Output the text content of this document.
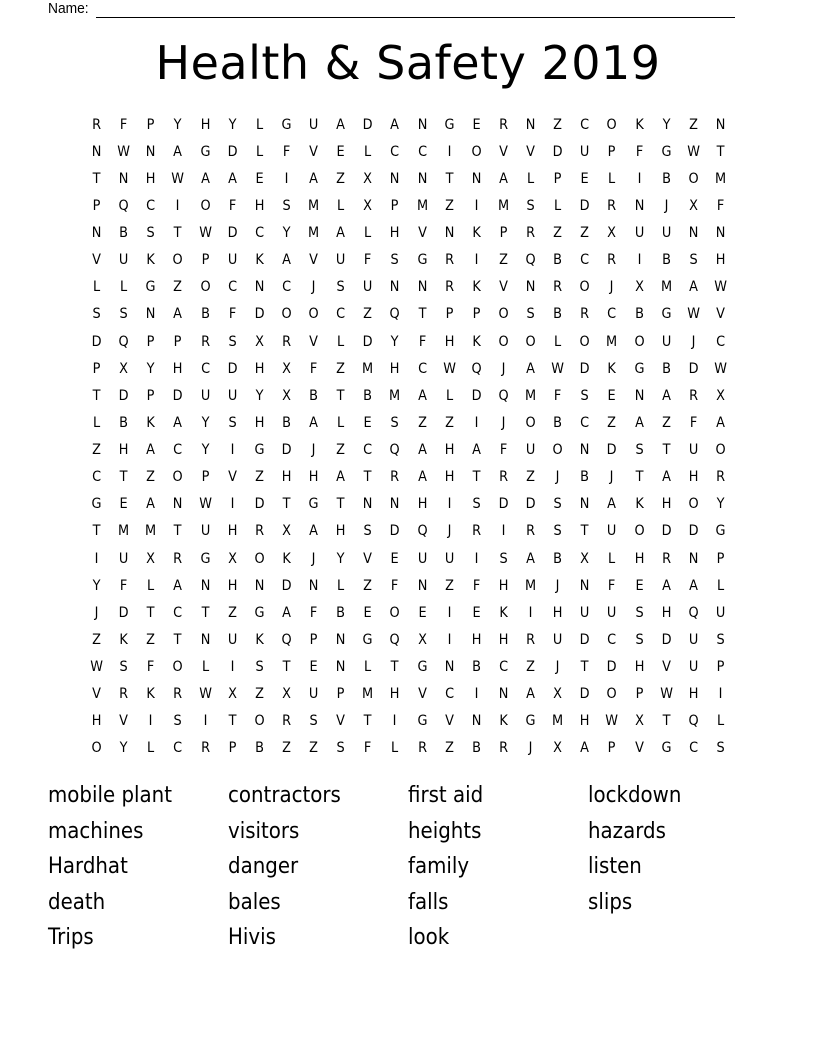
Name:
Health & Safety 2019
R	F	P	Y	H	Y	L	G	U	A	D	A	N	G	E	R	N	Z	C	O	K	Y	Z	N
N	W	N	A	G	D	L	F	V	E	L	C	C	I	O	V	V	D	U	P	F	G	W	T
T	N	H	W	A	A	E	I	A	Z	X	N	N	T	N	A	L	P	E	L	I	B	O	M
P	Q	C	I	O	F	H	S	M	L	X	P	M	Z	I	M	S	L	D	R	N	J	X	F
N	B	S	T	W	D	C	Y	M	A	L	H	V	N	K	P	R	Z	Z	X	U	U	N	N
V	U	K	O	P	U	K	A	V	U	F	S	G	R	I	Z	Q	B	C	R	I	B	S	H
L	L	G	Z	O	C	N	C	J	S	U	N	N	R	K	V	N	R	O	J	X	M	A	W
S	S	N	A	B	F	D	O	O	C	Z	Q	T	P	P	O	S	B	R	C	B	G	W	V
D	Q	P	P	R	S	X	R	V	L	D	Y	F	H	K	O	O	L	O	M	O	U	J	C
P	X	Y	H	C	D	H	X	F	Z	M	H	C	W	Q	J	A	W	D	K	G	B	D	W
T	D	P	D	U	U	Y	X	B	T	B	M	A	L	D	Q	M	F	S	E	N	A	R	X
L	B	K	A	Y	S	H	B	A	L	E	S	Z	Z	I	J	O	B	C	Z	A	Z	F	A
Z	H	A	C	Y	I	G	D	J	Z	C	Q	A	H	A	F	U	O	N	D	S	T	U	O
C	T	Z	O	P	V	Z	H	H	A	T	R	A	H	T	R	Z	J	B	J	T	A	H	R
G	E	A	N	W	I	D	T	G	T	N	N	H	I	S	D	D	S	N	A	K	H	O	Y
T	M	M	T	U	H	R	X	A	H	S	D	Q	J	R	I	R	S	T	U	O	D	D	G
I	U	X	R	G	X	O	K	J	Y	V	E	U	U	I	S	A	B	X	L	H	R	N	P
Y	F	L	A	N	H	N	D	N	L	Z	F	N	Z	F	H	M	J	N	F	E	A	A	L
J	D	T	C	T	Z	G	A	F	B	E	O	E	I	E	K	I	H	U	U	S	H	Q	U
Z	K	Z	T	N	U	K	Q	P	N	G	Q	X	I	H	H	R	U	D	C	S	D	U	S
W	S	F	O	L	I	S	T	E	N	L	T	G	N	B	C	Z	J	T	D	H	V	U	P
V	R	K	R	W	X	Z	X	U	P	M	H	V	C	I	N	A	X	D	O	P	W	H	I
H	V	I	S	I	T	O	R	S	V	T	I	G	V	N	K	G	M	H	W	X	T	Q	L
O	Y	L	C	R	P	B	Z	Z	S	F	L	R	Z	B	R	J	X	A	P	V	G	C	S
mobile plant	contractors	first aid	lockdown
machines	visitors	heights	hazards
Hardhat	danger	family	listen
death	bales	falls	slips
Trips	Hivis	look
